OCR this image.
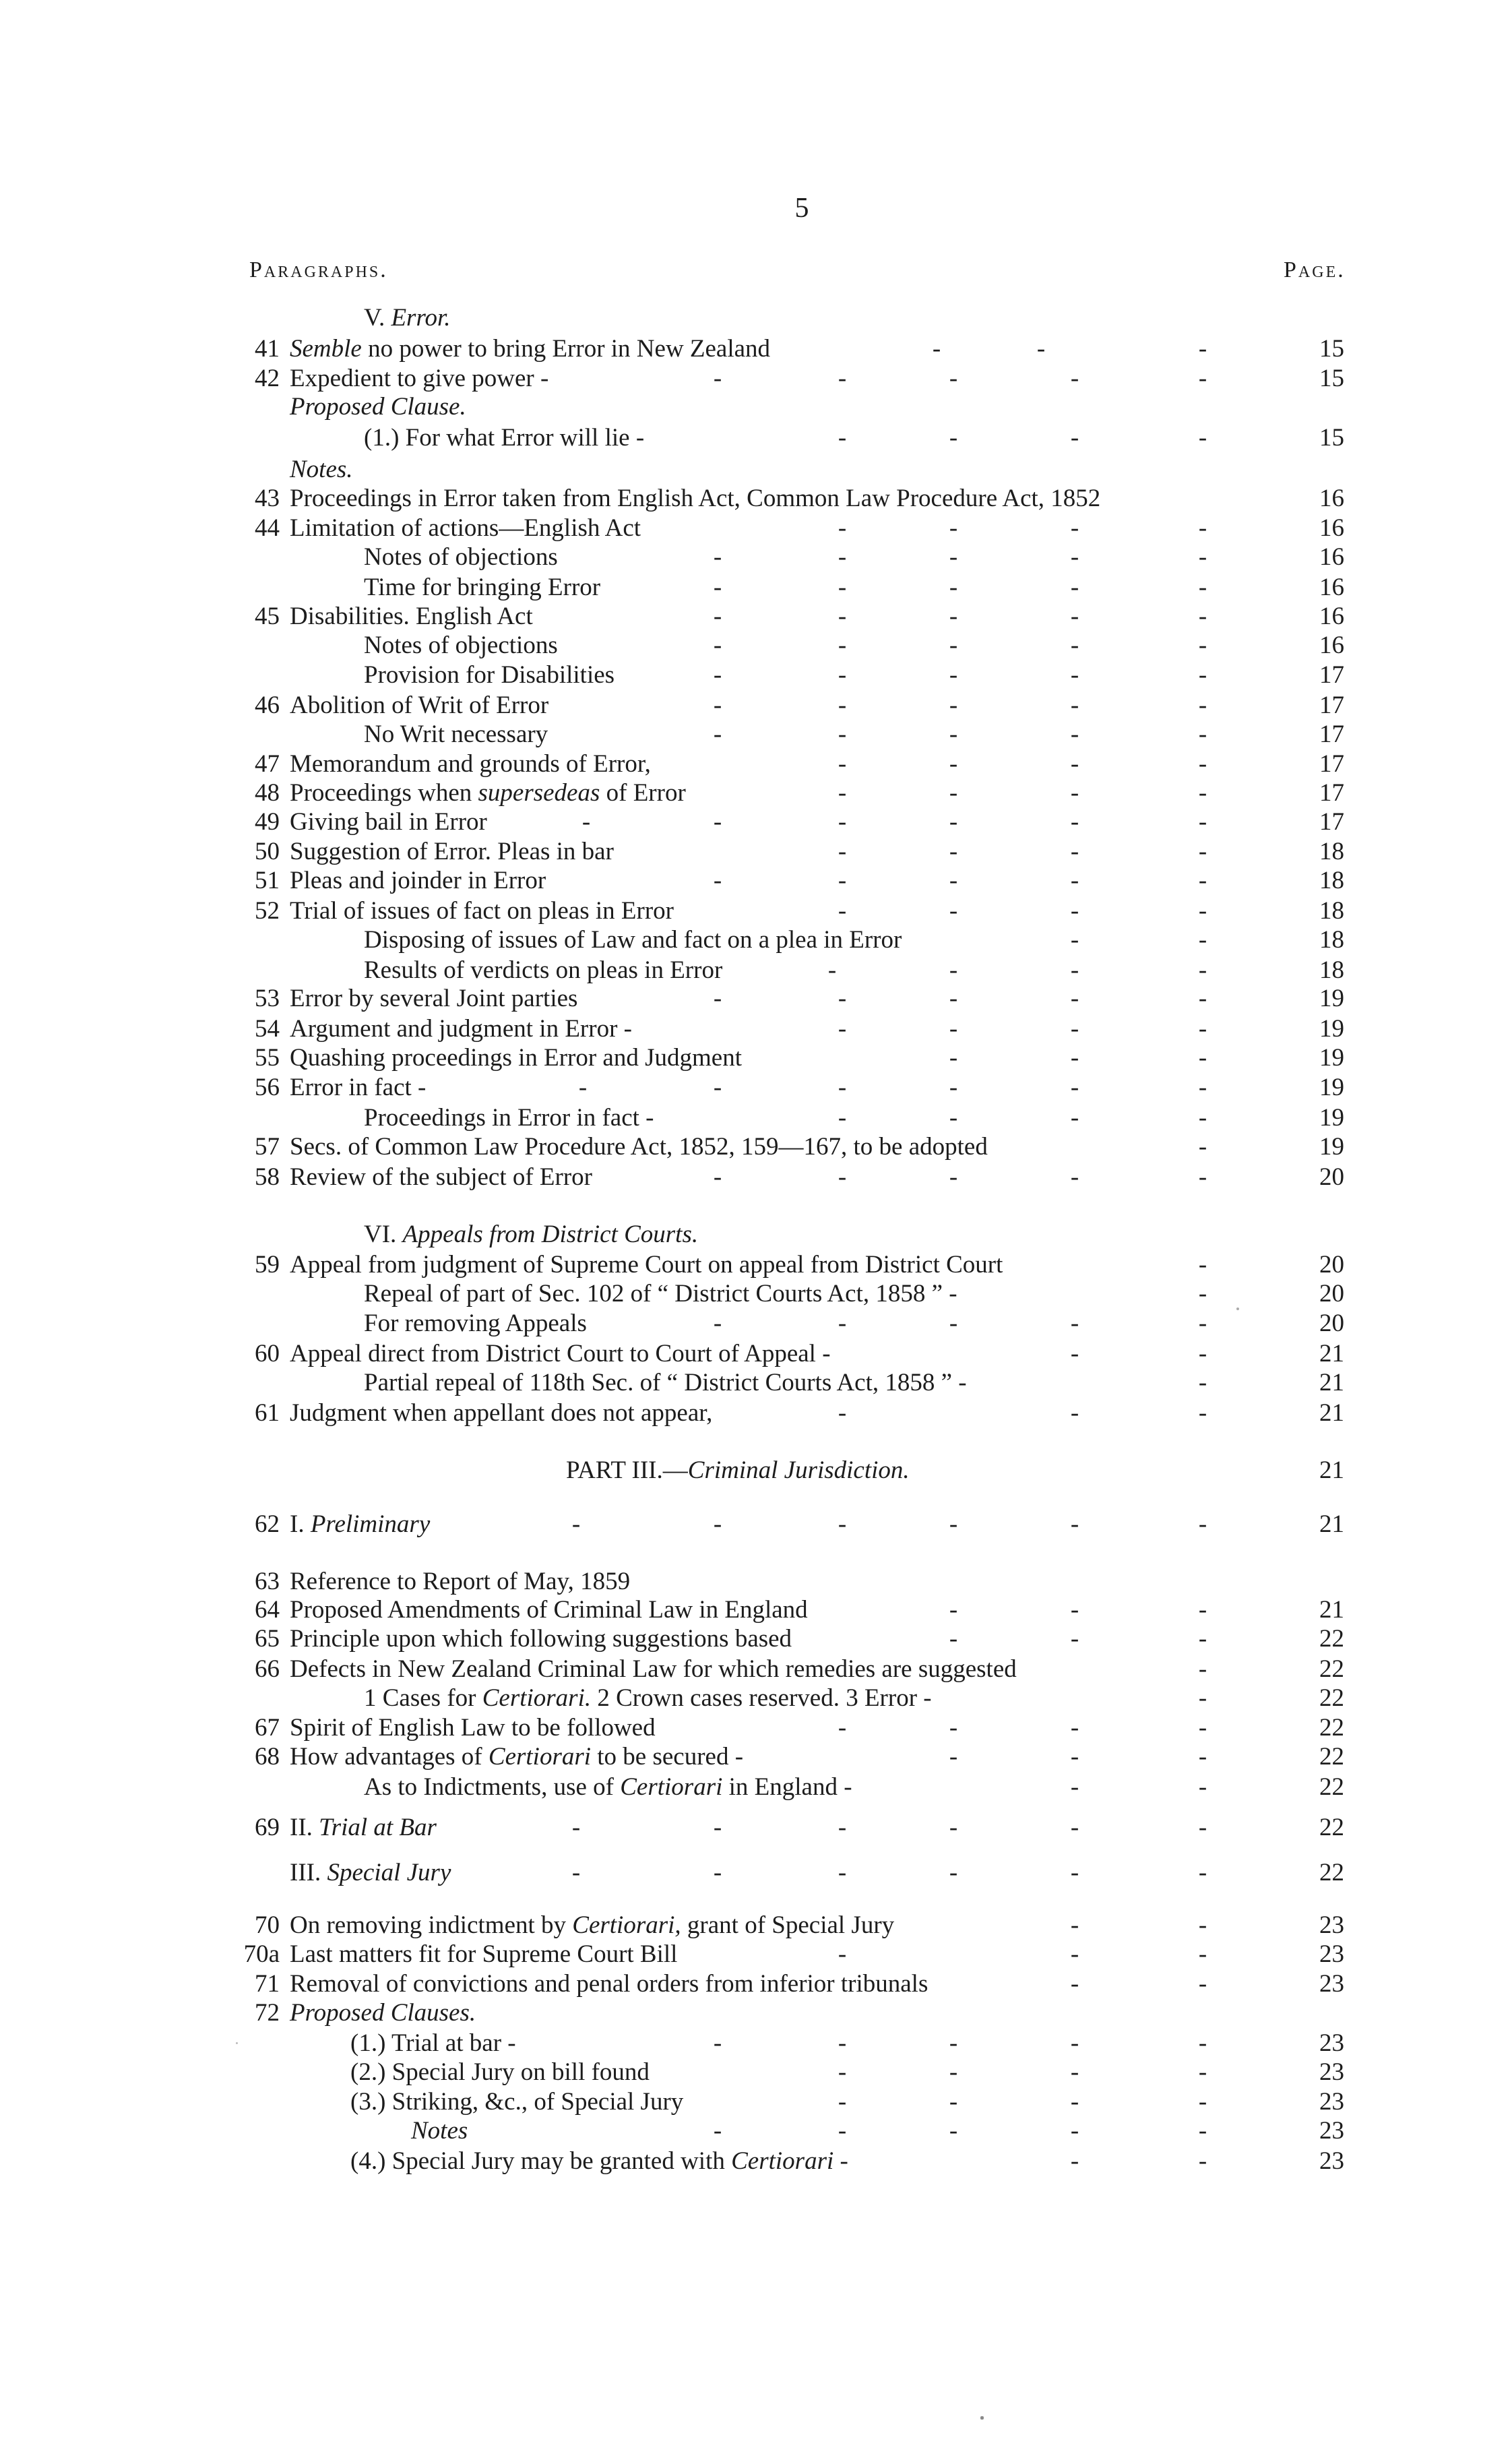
5
Paragraphs.	Page.
V. Error.
41 Semble no power to bring Error in New Zealand	-	-	-	15
42 Expedient to give power -	-	-	-	-	-	15
Proposed Clause.
(1.) For what Error will lie -	-	-	-	-	15
Notes.
43 Proceedings in Error taken from English Act, Common Law Procedure Act, 1852	16
44 Limitation of actions—English Act	-	-	-	-	16
Notes of objections	-	-	-	-	-	16
Time for bringing Error	-	-	-	-	-	16
45 Disabilities. English Act	-	-	-	-	-	16
Notes of objections	-	-	-	-	-	16
Provision for Disabilities	-	-	-	-	-	17
46 Abolition of Writ of Error	-	-	-	-	-	17
No Writ necessary	-	-	-	-	-	17
47 Memorandum and grounds of Error,	-	-	-	-	17
48 Proceedings when supersedeas of Error	-	-	-	-	17
49 Giving bail in Error	-	-	-	-	-	-	17
50 Suggestion of Error. Pleas in bar	-	-	-	-	18
51 Pleas and joinder in Error	-	-	-	-	-	18
52 Trial of issues of fact on pleas in Error	-	-	-	-	18
Disposing of issues of Law and fact on a plea in Error	-	-	18
Results of verdicts on pleas in Error	-	-	-	-	18
53 Error by several Joint parties	-	-	-	-	-	19
54 Argument and judgment in Error -	-	-	-	-	19
55 Quashing proceedings in Error and Judgment	-	-	-	19
56 Error in fact -	-	-	-	-	-	-	19
Proceedings in Error in fact -	-	-	-	-	19
57 Secs. of Common Law Procedure Act, 1852, 159—167, to be adopted	-	19
58 Review of the subject of Error	-	-	-	-	-	20
VI. Appeals from District Courts.
59 Appeal from judgment of Supreme Court on appeal from District Court	-	20
Repeal of part of Sec. 102 of “ District Courts Act, 1858 ” -	-	20
For removing Appeals	-	-	-	-	-	20
60 Appeal direct from District Court to Court of Appeal -	-	-	21
Partial repeal of 118th Sec. of “ District Courts Act, 1858 ” -	-	21
61 Judgment when appellant does not appear,	-	-	-	21
PART III.—Criminal Jurisdiction.	21
62 I. Preliminary	-	-	-	-	-	-	21
63 Reference to Report of May, 1859
64 Proposed Amendments of Criminal Law in England	-	-	-	21
65 Principle upon which following suggestions based	-	-	-	22
66 Defects in New Zealand Criminal Law for which remedies are suggested	-	22
1 Cases for Certiorari. 2 Crown cases reserved. 3 Error -	-	22
67 Spirit of English Law to be followed	-	-	-	-	22
68 How advantages of Certiorari to be secured -	-	-	-	22
As to Indictments, use of Certiorari in England -	-	-	22
69 II. Trial at Bar	-	-	-	-	-	-	22
III. Special Jury	-	-	-	-	-	-	22
70 On removing indictment by Certiorari, grant of Special Jury	-	-	23
70a Last matters fit for Supreme Court Bill	-	-	-	23
71 Removal of convictions and penal orders from inferior tribunals	-	-	23
72 Proposed Clauses.
(1.) Trial at bar -	-	-	-	-	-	23
(2.) Special Jury on bill found	-	-	-	-	23
(3.) Striking, &c., of Special Jury	-	-	-	-	23
Notes	-	-	-	-	-	23
(4.) Special Jury may be granted with Certiorari -	-	-	23
